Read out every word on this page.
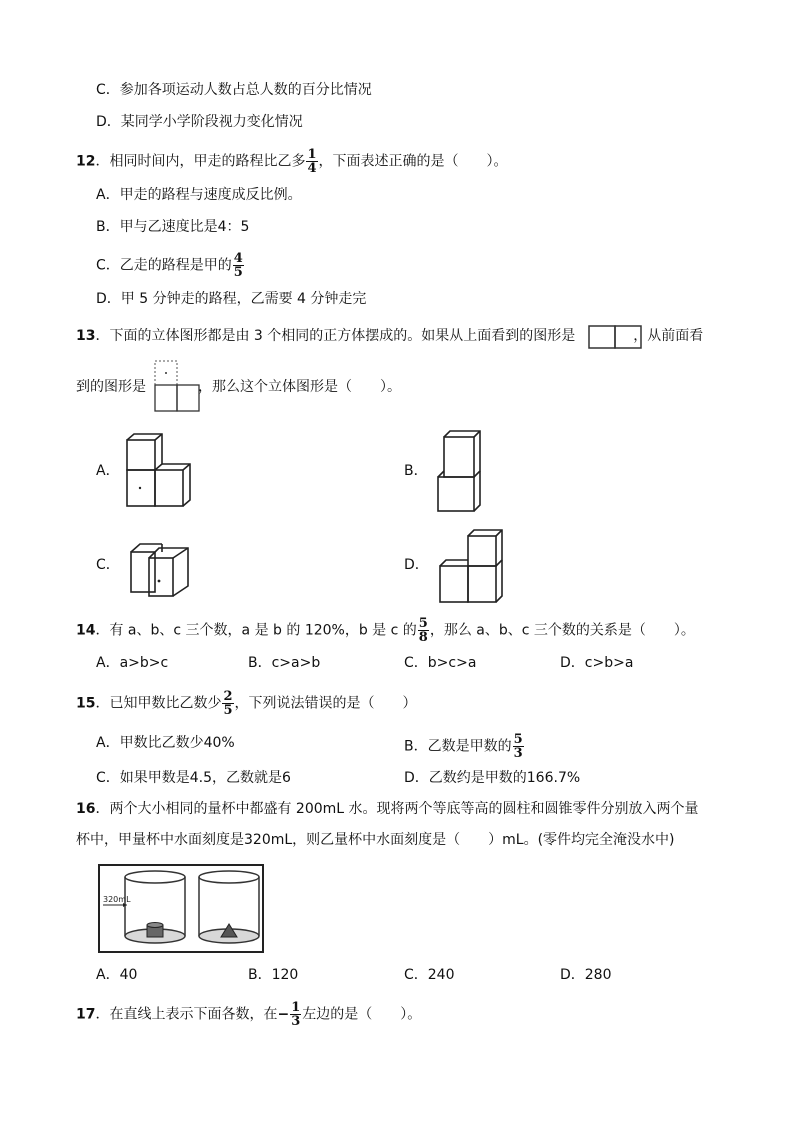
C．参加各项运动人数占总人数的百分比情况
D．某同学小学阶段视力变化情况
12．相同时间内，甲走的路程比乙多 $\frac{1}{4}$ ，下面表述正确的是（　　）。
A．甲走的路程与速度成反比例。
B．甲与乙速度比是4：5
C．乙走的路程是甲的 $\frac{4}{5}$
D．甲 5 分钟走的路程，乙需要 4 分钟走完
13．下面的立体图形都是由 3 个相同的正方体摆成的。如果从上面看到的图形是	，从前面看
到的图形是	，那么这个立体图形是（　　）。
A．	B．
C．	D．
14．有 a、b、c 三个数，a 是 b 的 120%，b 是 c 的 $\frac{5}{8}$ ，那么 a、b、c 三个数的关系是（　　）。
A．a>b>c	B．c>a>b	C．b>c>a	D．c>b>a
15．已知甲数比乙数少 $\frac{2}{5}$ ，下列说法错误的是（　　）
A．甲数比乙数少40%	B．乙数是甲数的 $\frac{5}{3}$
C．如果甲数是4.5，乙数就是6	D．乙数约是甲数的166.7%
16．两个大小相同的量杯中都盛有 200mL 水。现将两个等底等高的圆柱和圆锥零件分别放入两个量
杯中，甲量杯中水面刻度是320mL，则乙量杯中水面刻度是（　　）mL。(零件均完全淹没水中)
320mL
A．40	B．120	C．240	D．280
17．在直线上表示下面各数，在− $\frac{1}{3}$ 左边的是（　　）。
